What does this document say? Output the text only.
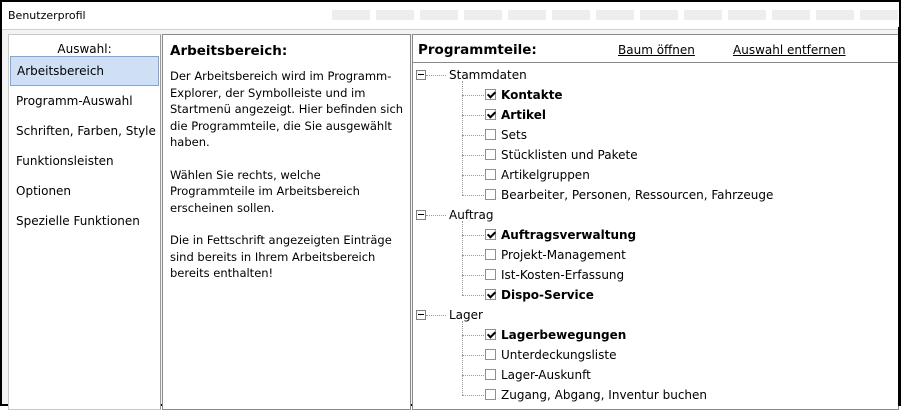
Benutzerprofil
Auswahl:
Arbeitsbereich
Programm-Auswahl
Schriften, Farben, Style
Funktionsleisten
Optionen
Spezielle Funktionen
Arbeitsbereich:

Der Arbeitsbereich wird im Programm-Explorer, der Symbolleiste und im Startmenü angezeigt. Hier befinden sich die Programmteile, die Sie ausgewählt haben.

Wählen Sie rechts, welche Programmteile im Arbeitsbereich erscheinen sollen.

Die in Fettschrift angezeigten Einträge sind bereits in Ihrem Arbeitsbereich bereits enthalten!

Programmteile:	Baum öffnen	Auswahl entfernen
Stammdaten
Kontakte
Artikel
Sets
Stücklisten und Pakete
Artikelgruppen
Bearbeiter, Personen, Ressourcen, Fahrzeuge
Auftrag
Auftragsverwaltung
Projekt-Management
Ist-Kosten-Erfassung
Dispo-Service
Lager
Lagerbewegungen
Unterdeckungsliste
Lager-Auskunft
Zugang, Abgang, Inventur buchen
